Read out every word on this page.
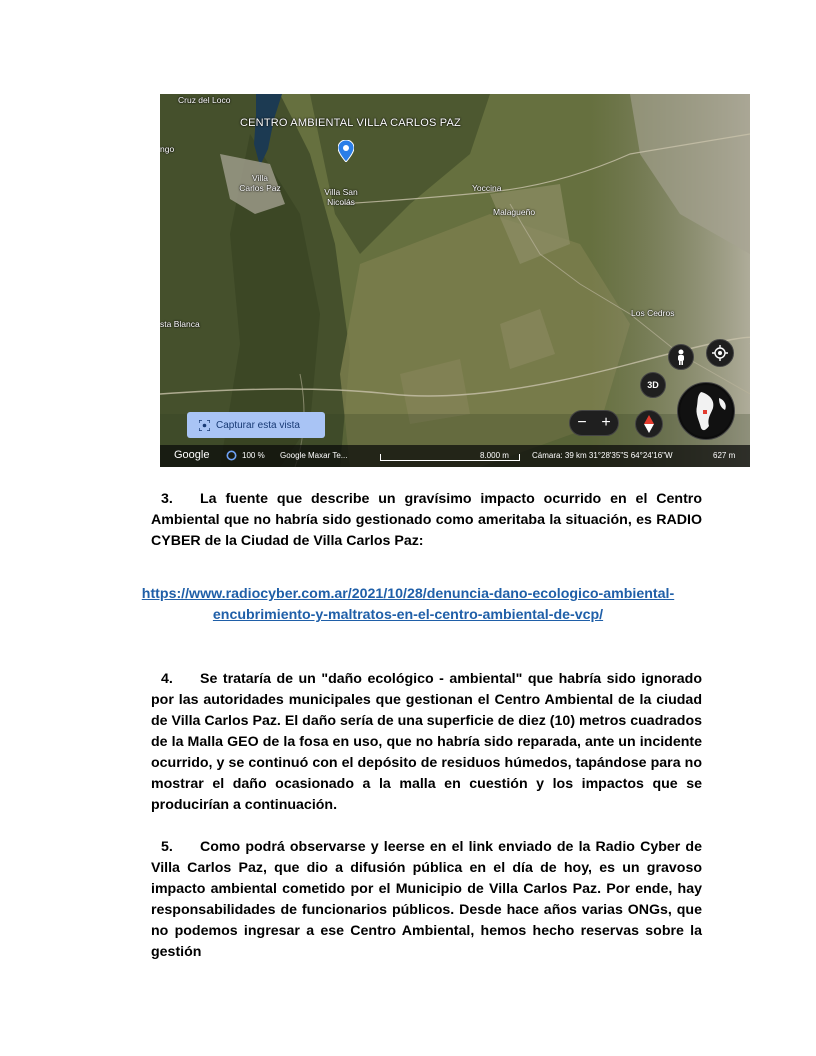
Cruz del Loco
CENTRO AMBIENTAL VILLA CARLOS PAZ
ngo
Villa
Carlos Paz	Villa San
Nicolás
Yoccina
Malagueño
Los Cedros
sta Blanca
3D
− +
Capturar esta vista
Google	100 % Google Maxar Te...	8.000 m	Cámara: 39 km 31°28'35"S 64°24'16"W	627 m
3. La fuente que describe un gravísimo impacto ocurrido en el Centro Ambiental que no habría sido gestionado como ameritaba la situación, es RADIO CYBER de la Ciudad de Villa Carlos Paz:
https://www.radiocyber.com.ar/2021/10/28/denuncia-dano-ecologico-ambiental-
encubrimiento-y-maltratos-en-el-centro-ambiental-de-vcp/
4. Se trataría de un "daño ecológico - ambiental" que habría sido ignorado por las autoridades municipales que gestionan el Centro Ambiental de la ciudad de Villa Carlos Paz. El daño sería de una superficie de diez (10) metros cuadrados de la Malla GEO de la fosa en uso, que no habría sido reparada, ante un incidente ocurrido, y se continuó con el depósito de residuos húmedos, tapándose para no mostrar el daño ocasionado a la malla en cuestión y los impactos que se producirían a continuación.
5. Como podrá observarse y leerse en el link enviado de la Radio Cyber de Villa Carlos Paz, que dio a difusión pública en el día de hoy, es un gravoso impacto ambiental cometido por el Municipio de Villa Carlos Paz. Por ende, hay responsabilidades de funcionarios públicos. Desde hace años varias ONGs, que no podemos ingresar a ese Centro Ambiental, hemos hecho reservas sobre la gestión
